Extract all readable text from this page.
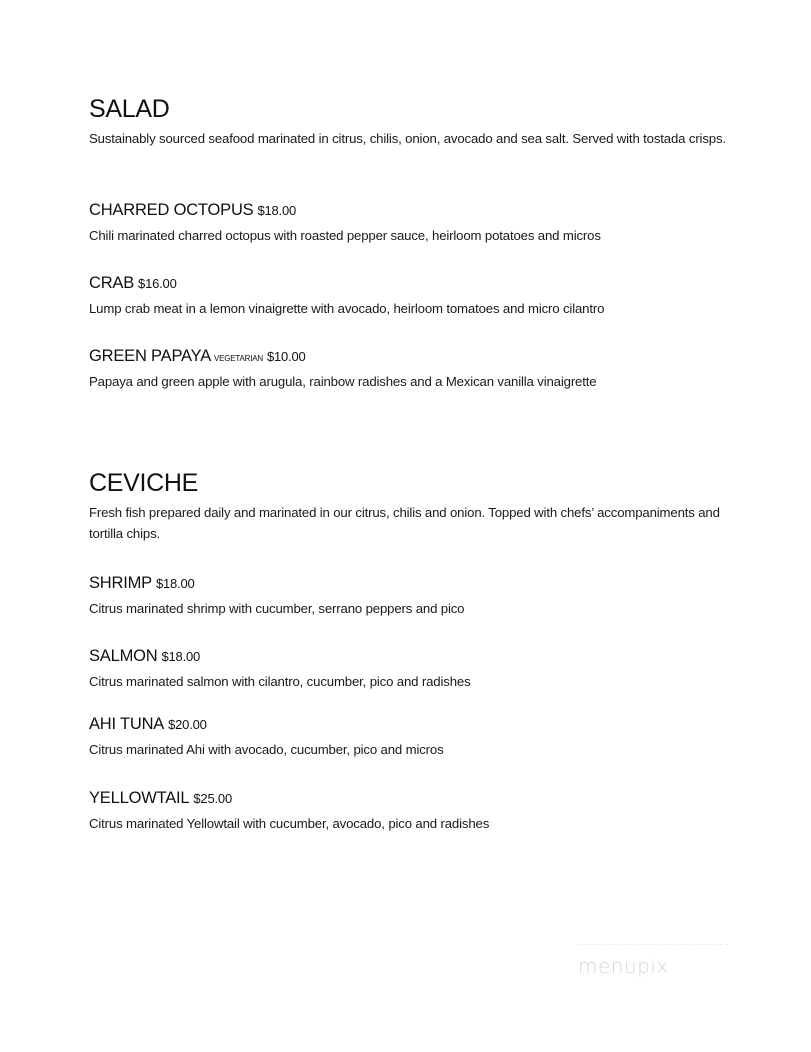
SALAD
Sustainably sourced seafood marinated in citrus, chilis, onion, avocado and sea salt. Served with tostada crisps.
CHARRED OCTOPUS $18.00
Chili marinated charred octopus with roasted pepper sauce, heirloom potatoes and micros
CRAB $16.00
Lump crab meat in a lemon vinaigrette with avocado, heirloom tomatoes and micro cilantro
GREEN PAPAYA VEGETARIAN $10.00
Papaya and green apple with arugula, rainbow radishes and a Mexican vanilla vinaigrette
CEVICHE
Fresh fish prepared daily and marinated in our citrus, chilis and onion. Topped with chefs’ accompaniments and tortilla chips.
SHRIMP $18.00
Citrus marinated shrimp with cucumber, serrano peppers and pico
SALMON $18.00
Citrus marinated salmon with cilantro, cucumber, pico and radishes
AHI TUNA $20.00
Citrus marinated Ahi with avocado, cucumber, pico and micros
YELLOWTAIL $25.00
Citrus marinated Yellowtail with cucumber, avocado, pico and radishes
menupix
